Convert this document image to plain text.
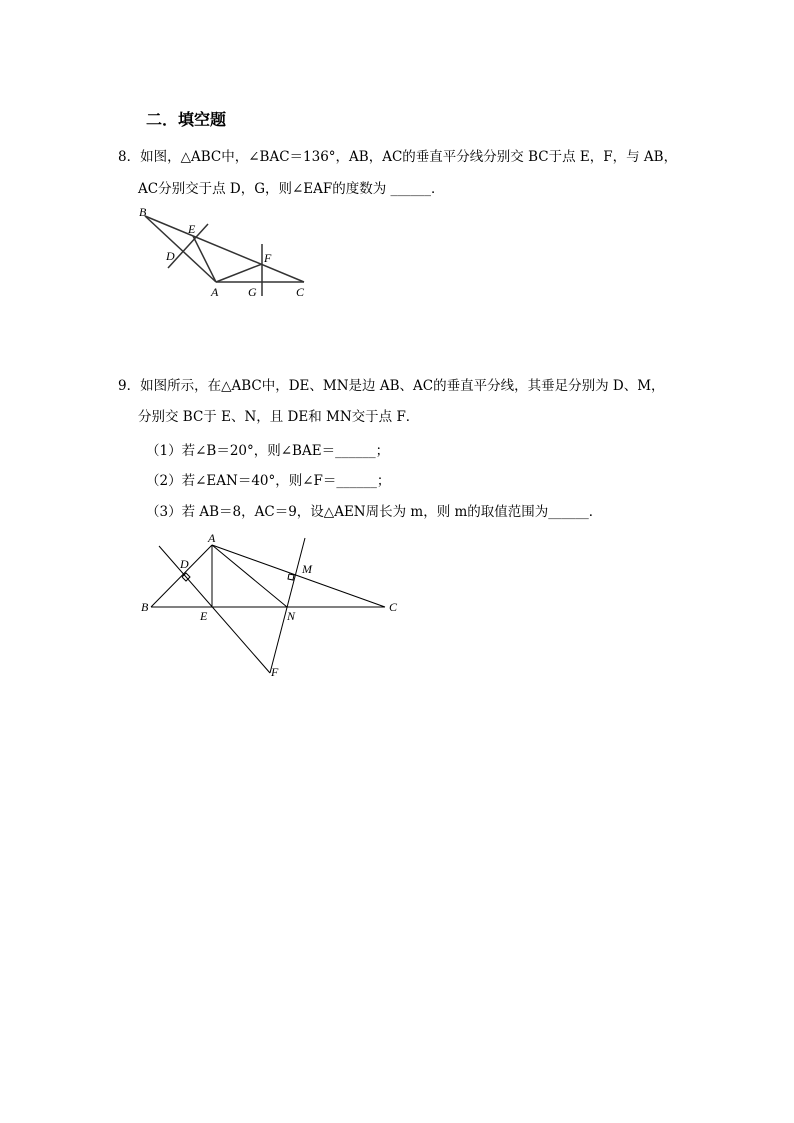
二．填空题
8．如图，△ABC中，∠BAC＝136°，AB，AC的垂直平分线分别交 BC于点 E，F，与 AB，
AC分别交于点 D，G，则∠EAF的度数为 ______．
B
E
D	F
A G	C
9．如图所示，在△ABC中，DE、MN是边 AB、AC的垂直平分线，其垂足分别为 D、M，
分别交 BC于 E、N，且 DE和 MN交于点 F．
（1）若∠B＝20°，则∠BAE＝______；
（2）若∠EAN＝40°，则∠F＝______；
（3）若 AB＝8，AC＝9，设△AEN周长为 m，则 m的取值范围为______．
A
D	M
B
E	N
C
F
